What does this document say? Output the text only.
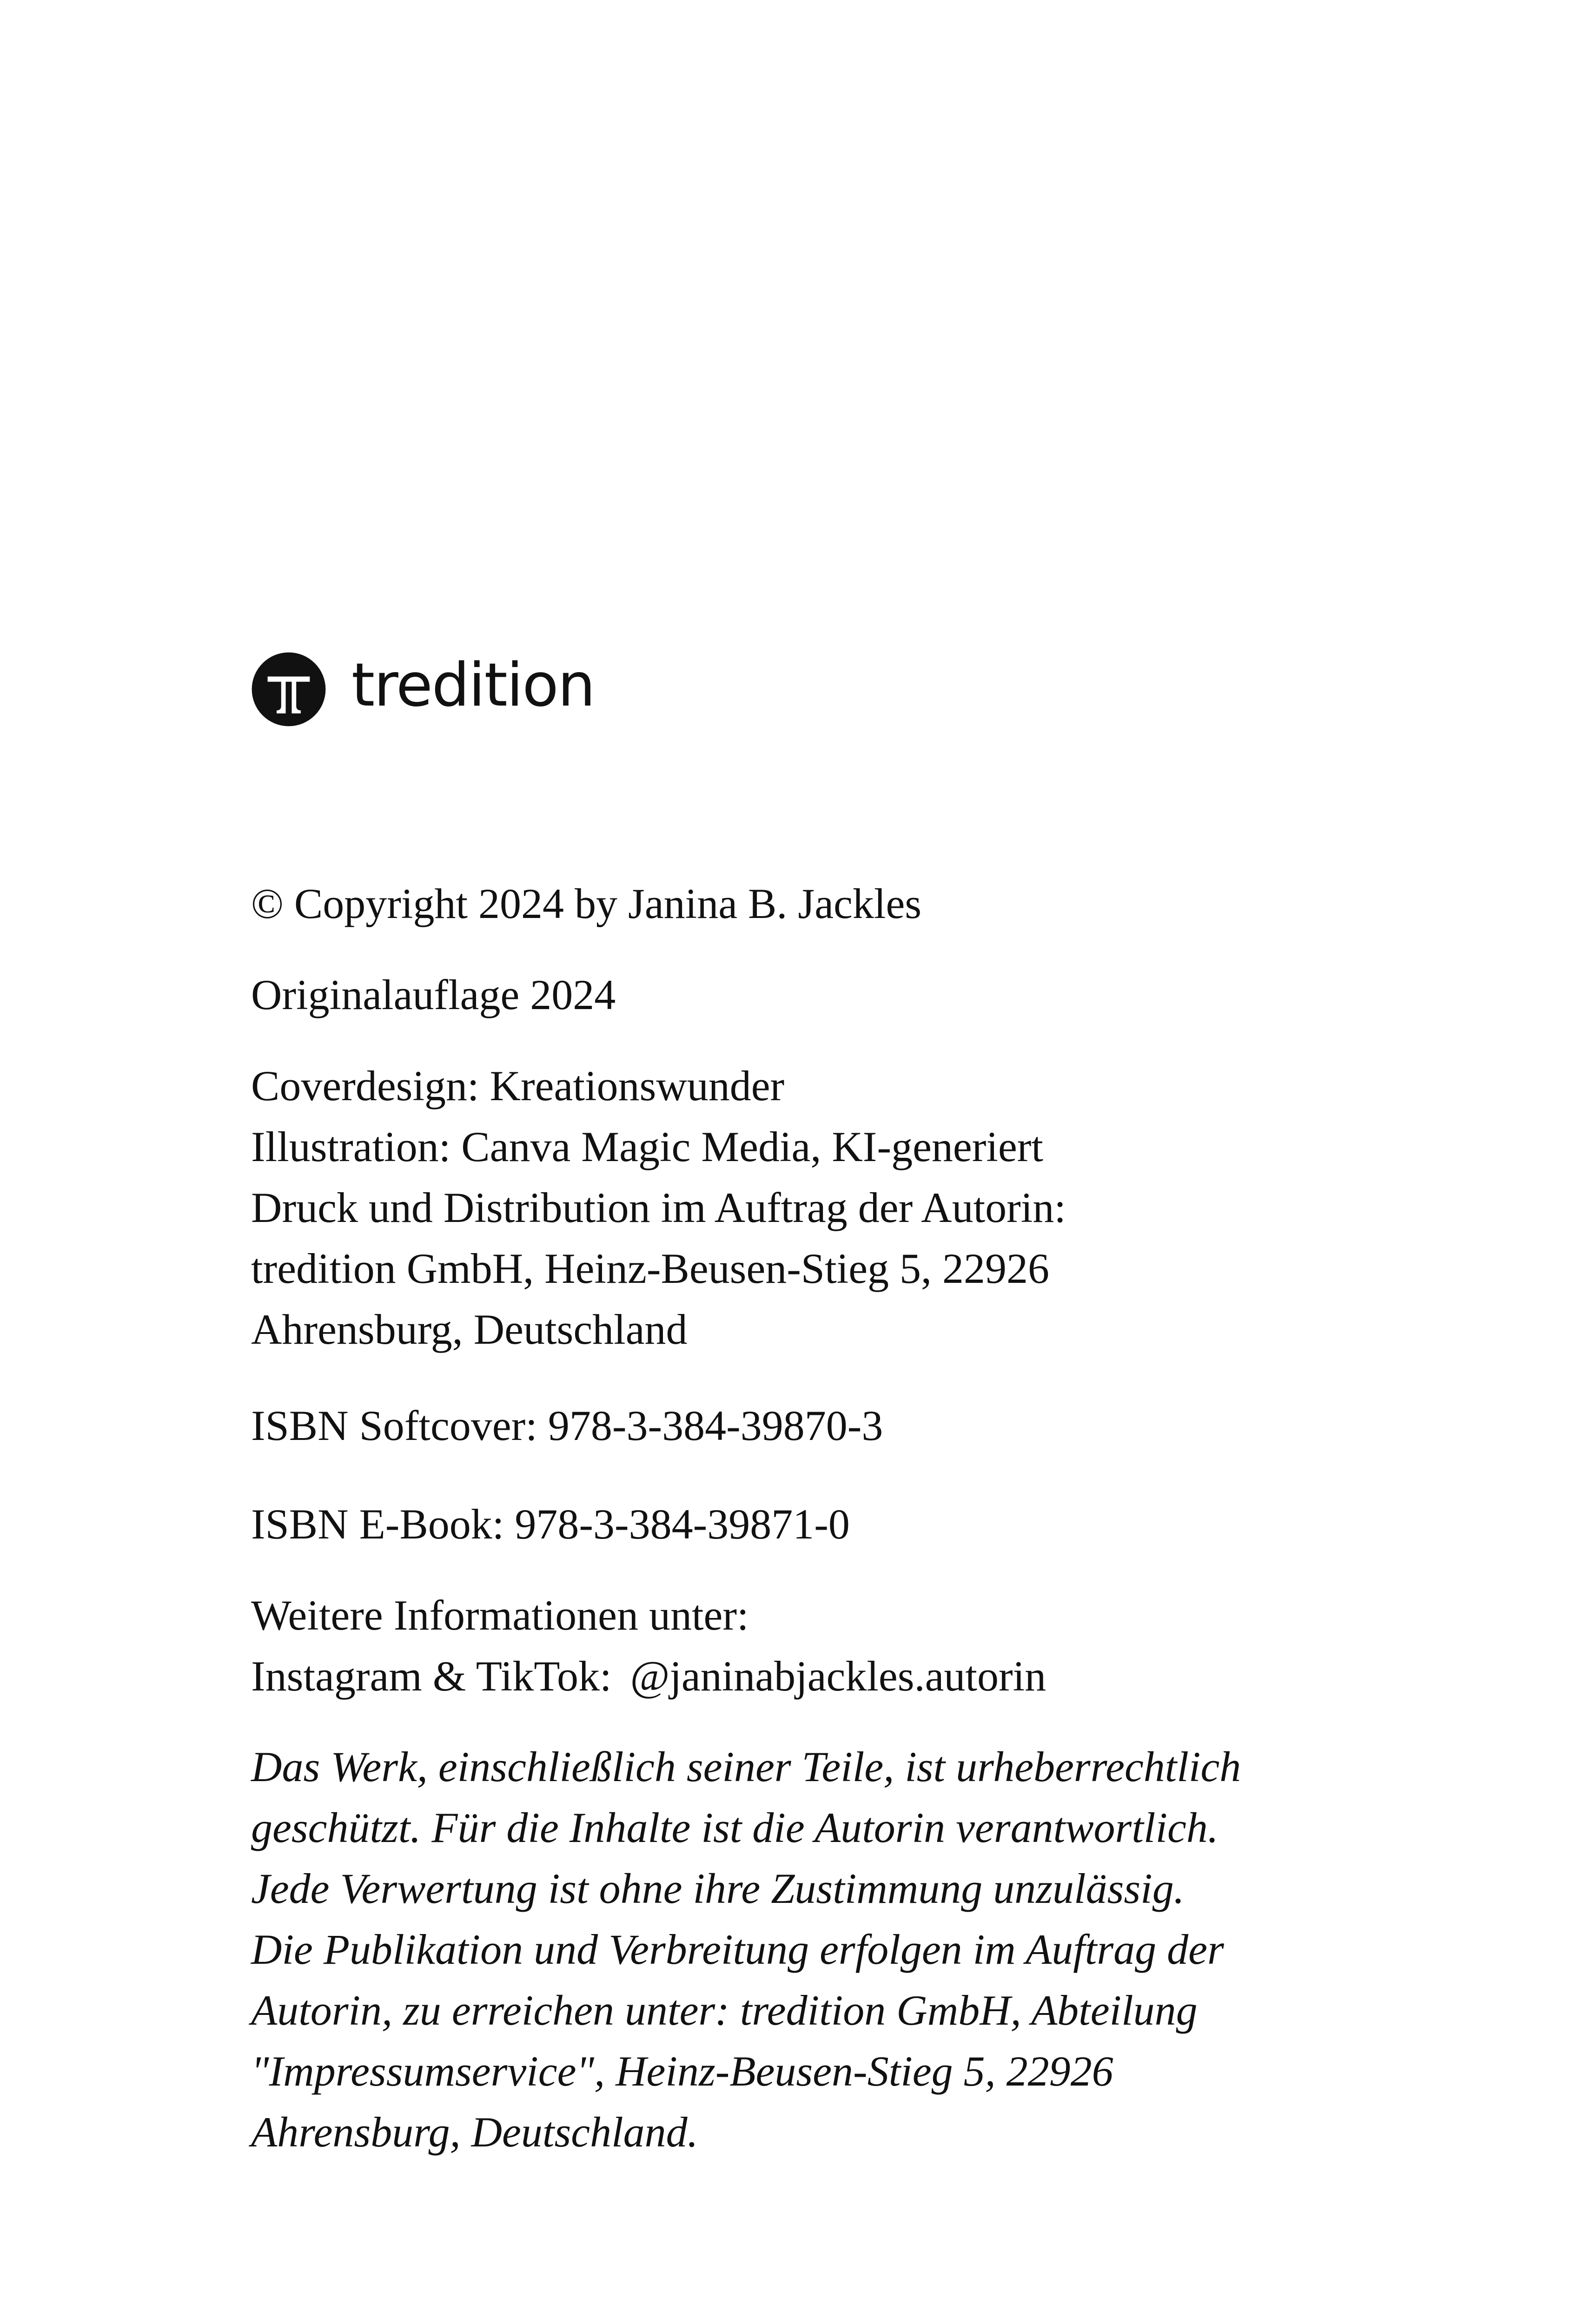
tredition
© Copyright 2024 by Janina B. Jackles
Originalauflage 2024
Coverdesign: Kreationswunder
Illustration: Canva Magic Media, KI-generiert
Druck und Distribution im Auftrag der Autorin:
tredition GmbH, Heinz-Beusen-Stieg 5, 22926
Ahrensburg, Deutschland
ISBN Softcover: 978-3-384-39870-3
ISBN E-Book: 978-3-384-39871-0
Weitere Informationen unter:
Instagram & TikTok: @janinabjackles.autorin
Das Werk, einschließlich seiner Teile, ist urheberrechtlich
geschützt. Für die Inhalte ist die Autorin verantwortlich.
Jede Verwertung ist ohne ihre Zustimmung unzulässig.
Die Publikation und Verbreitung erfolgen im Auftrag der
Autorin, zu erreichen unter: tredition GmbH, Abteilung
"Impressumservice", Heinz-Beusen-Stieg 5, 22926
Ahrensburg, Deutschland.
